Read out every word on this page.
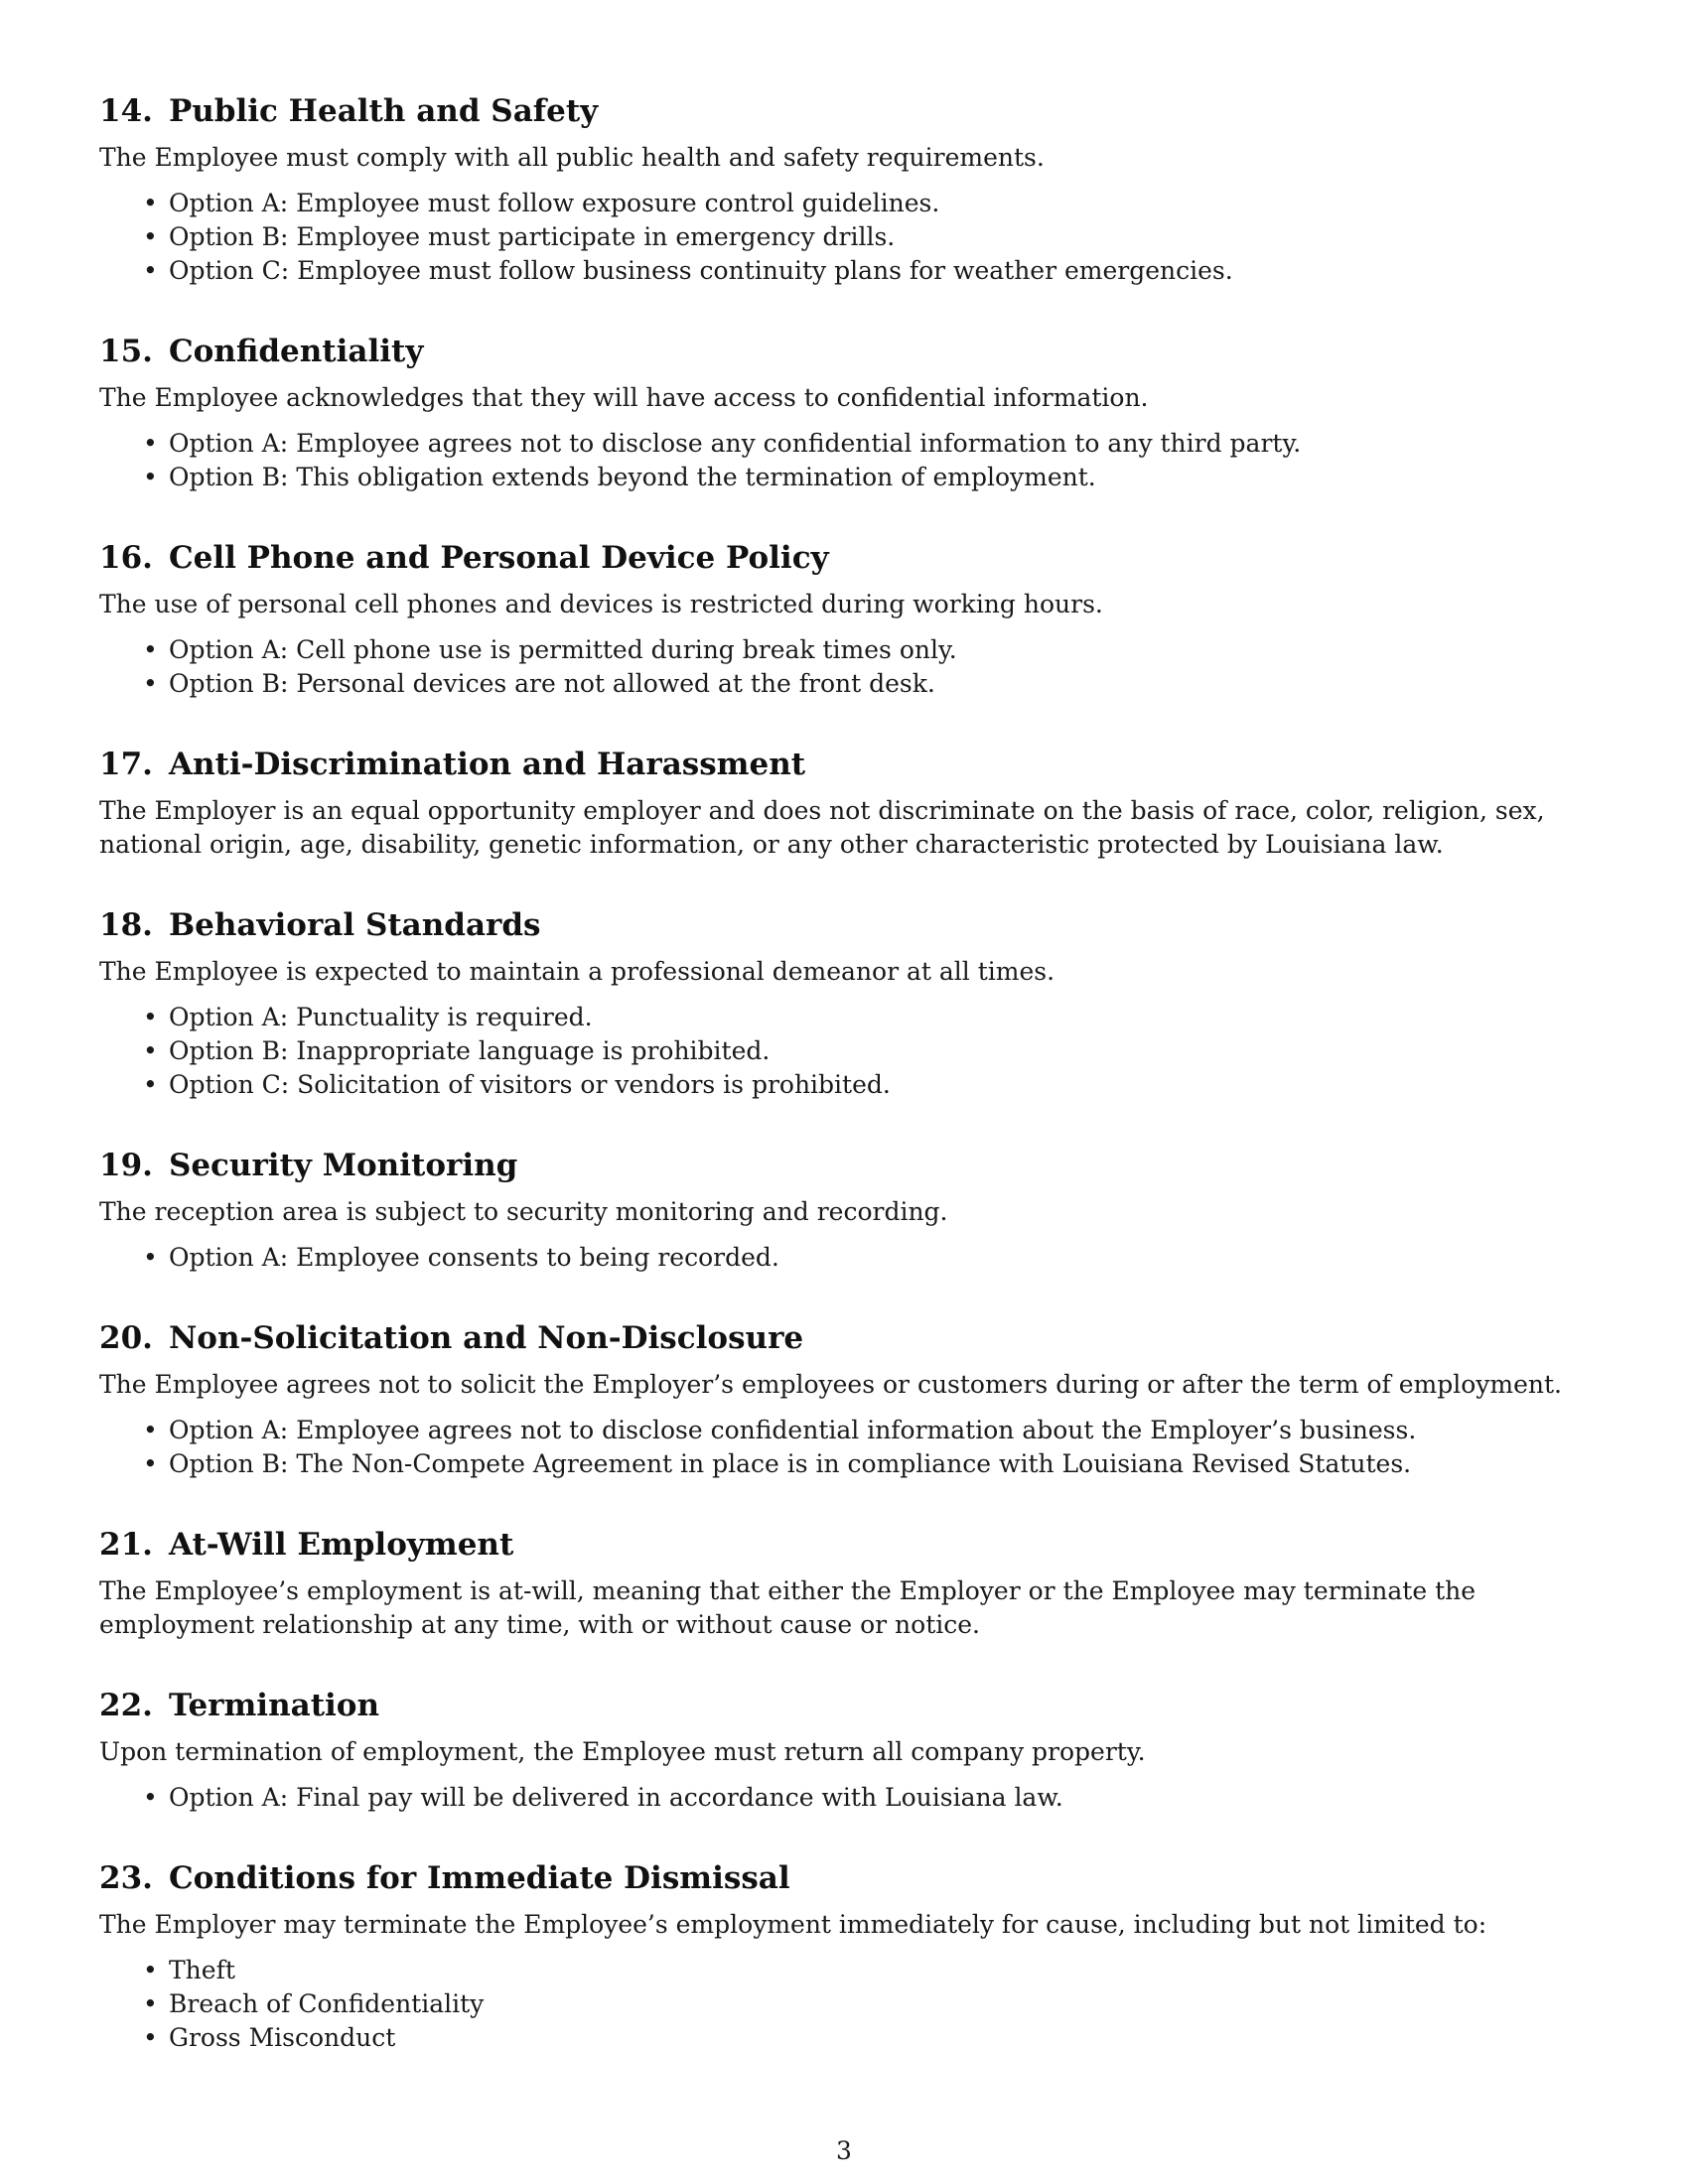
14. Public Health and Safety

The Employee must comply with all public health and safety requirements.

• Option A: Employee must follow exposure control guidelines.
• Option B: Employee must participate in emergency drills.
• Option C: Employee must follow business continuity plans for weather emergencies.
15. Confidentiality

The Employee acknowledges that they will have access to confidential information.

• Option A: Employee agrees not to disclose any confidential information to any third party.
• Option B: This obligation extends beyond the termination of employment.
16. Cell Phone and Personal Device Policy

The use of personal cell phones and devices is restricted during working hours.

• Option A: Cell phone use is permitted during break times only.
• Option B: Personal devices are not allowed at the front desk.
17. Anti-Discrimination and Harassment

The Employer is an equal opportunity employer and does not discriminate on the basis of race, color, religion, sex, national origin, age, disability, genetic information, or any other characteristic protected by Louisiana law.

18. Behavioral Standards

The Employee is expected to maintain a professional demeanor at all times.

• Option A: Punctuality is required.
• Option B: Inappropriate language is prohibited.
• Option C: Solicitation of visitors or vendors is prohibited.
19. Security Monitoring

The reception area is subject to security monitoring and recording.

• Option A: Employee consents to being recorded.
20. Non-Solicitation and Non-Disclosure

The Employee agrees not to solicit the Employer’s employees or customers during or after the term of employment.

• Option A: Employee agrees not to disclose confidential information about the Employer’s business.
• Option B: The Non-Compete Agreement in place is in compliance with Louisiana Revised Statutes.
21. At-Will Employment

The Employee’s employment is at-will, meaning that either the Employer or the Employee may terminate the employment relationship at any time, with or without cause or notice.

22. Termination

Upon termination of employment, the Employee must return all company property.

• Option A: Final pay will be delivered in accordance with Louisiana law.
23. Conditions for Immediate Dismissal

The Employer may terminate the Employee’s employment immediately for cause, including but not limited to:

• Theft
• Breach of Confidentiality
• Gross Misconduct
3
